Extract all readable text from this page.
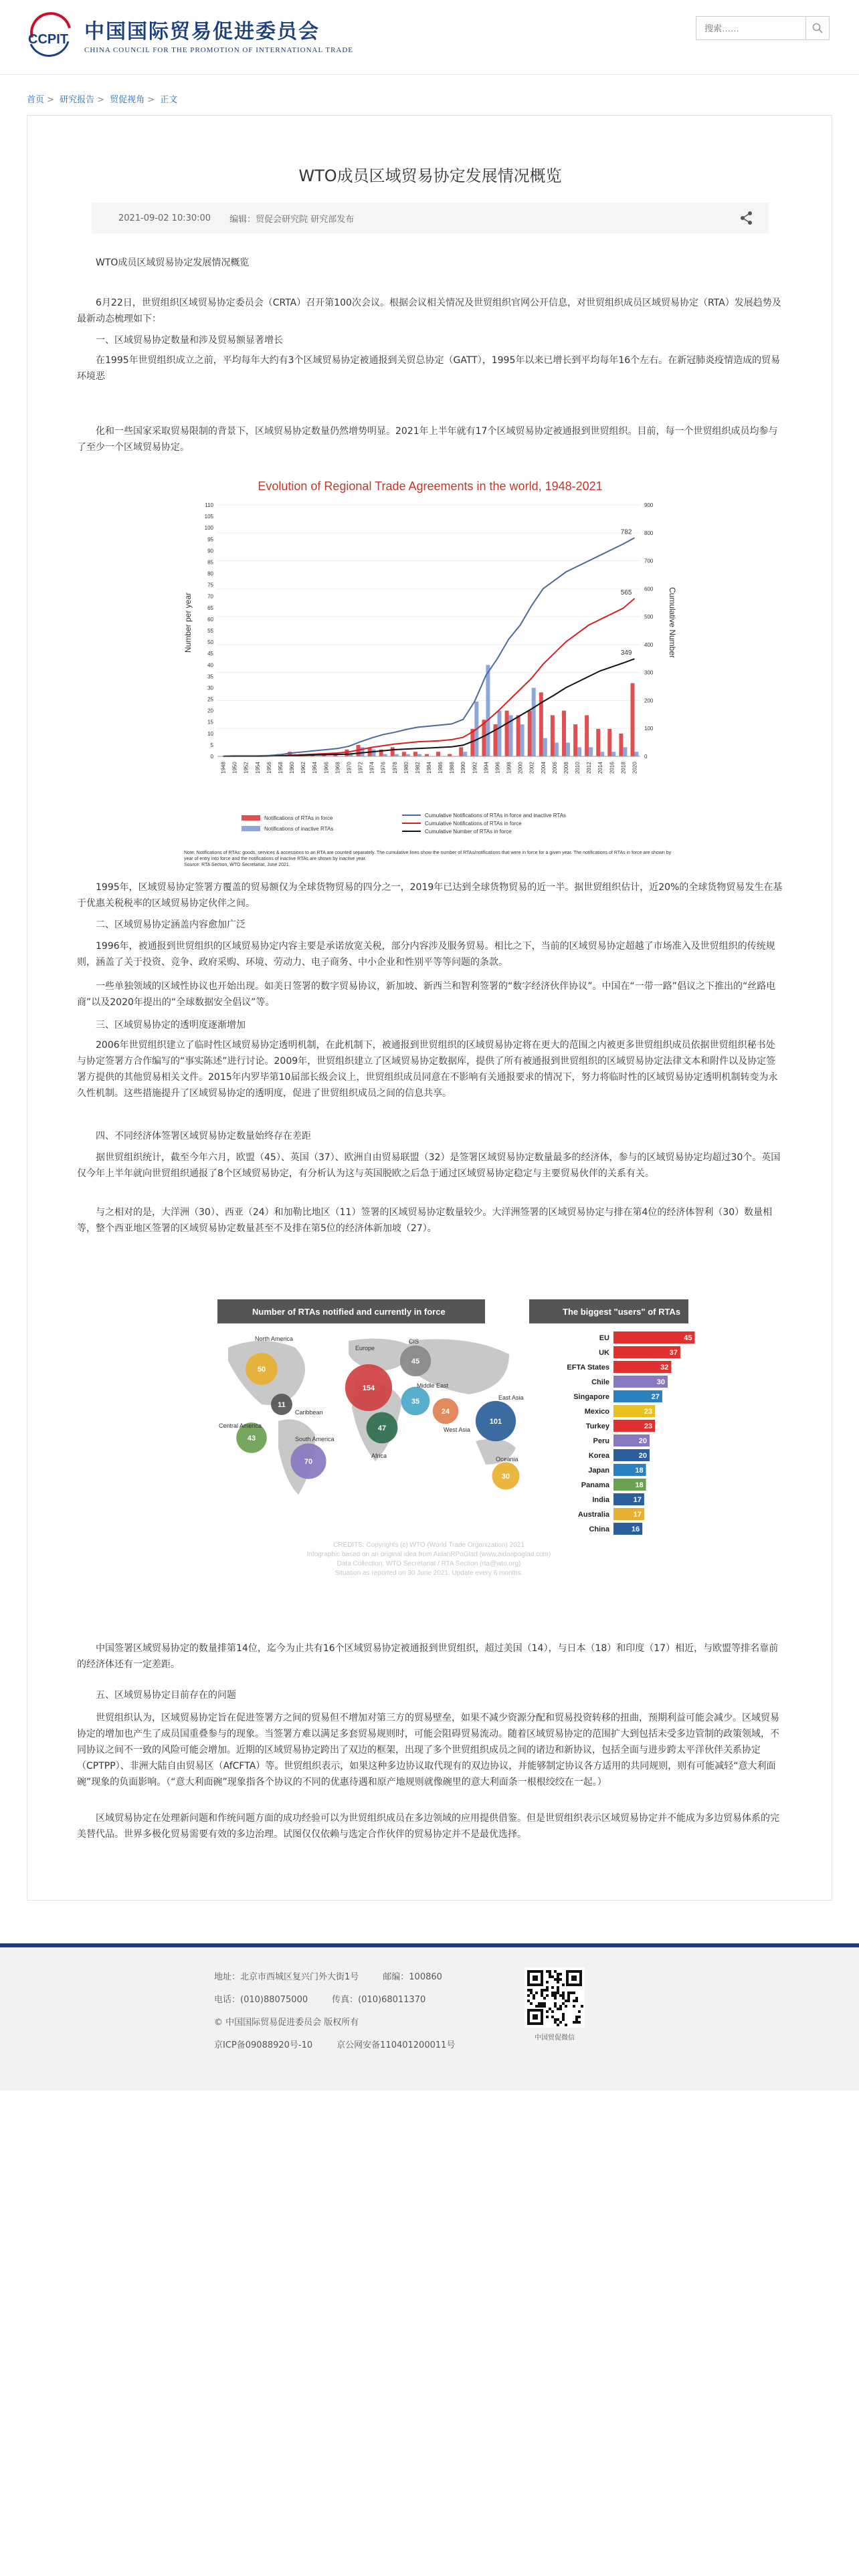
CCPIT 中国国际贸易促进委员会
CHINA COUNCIL FOR THE PROMOTION OF INTERNATIONAL TRADE
搜索……
首页 > 研究报告 > 贸促视角 > 正文
WTO成员区域贸易协定发展情况概览
2021-09-02 10:30:00 编辑：贸促会研究院 研究部发布
WTO成员区域贸易协定发展情况概览
6月22日，世贸组织区域贸易协定委员会（CRTA）召开第100次会议。根据会议相关情况及世贸组织官网公开信息，对世贸组织成员区域贸易协定（RTA）发展趋势及最新动态梳理如下：
一、区域贸易协定数量和涉及贸易额显著增长
在1995年世贸组织成立之前，平均每年大约有3个区域贸易协定被通报到关贸总协定（GATT），1995年以来已增长到平均每年16个左右。在新冠肺炎疫情造成的贸易环境恶
化和一些国家采取贸易限制的背景下，区域贸易协定数量仍然增势明显。2021年上半年就有17个区域贸易协定被通报到世贸组织。目前，每一个世贸组织成员均参与了至少一个区域贸易协定。
Evolution of Regional Trade Agreements in the world, 1948-2021
782
565
349
0
5
10
15
20
25
30
35
40
45
50
55
60
65
70
75
80
85
90
95
100
105
110
0
100
200
300
400
500
600
700
800
900
1948 1950 1952 1954 1956 1958 1960 1962 1964 1966 1968 1970 1972 1974 1976 1978 1980 1982 1984 1986 1988 1990 1992 1994 1996 1998 2000 2002 2004 2006 2008 2010 2012 2014 2016 2018 2020
Number per year	Cumulative Number
Notifications of RTAs in force
Notifications of inactive RTAs
Cumulative Notifications of RTAs in force and inactive RTAs
Cumulative Notifications of RTAs in force
Cumulative Number of RTAs in force
Note: Notifications of RTAs: goods, services & accessions to an RTA are counted separately. The cumulative lines show the number of RTAs/notifications that were in force for a given year. The notifications of RTAs in force are shown by year of entry into force and the notifications of inactive RTAs are shown by inactive year.
Source: RTA Section, WTO Secretariat, June 2021.
1995年，区域贸易协定签署方覆盖的贸易额仅为全球货物贸易的四分之一，2019年已达到全球货物贸易的近一半。据世贸组织估计，近20%的全球货物贸易发生在基于优惠关税税率的区域贸易协定伙伴之间。
二、区域贸易协定涵盖内容愈加广泛
1996年，被通报到世贸组织的区域贸易协定内容主要是承诺放宽关税，部分内容涉及服务贸易。相比之下，当前的区域贸易协定超越了市场准入及世贸组织的传统规则，涵盖了关于投资、竞争、政府采购、环境、劳动力、电子商务、中小企业和性别平等等问题的条款。
一些单独领域的区域性协议也开始出现。如美日签署的数字贸易协议，新加坡、新西兰和智利签署的“数字经济伙伴协议”。中国在“一带一路”倡议之下推出的“丝路电商”以及2020年提出的“全球数据安全倡议”等。
三、区域贸易协定的透明度逐渐增加
2006年世贸组织建立了临时性区域贸易协定透明机制，在此机制下，被通报到世贸组织的区域贸易协定将在更大的范围之内被更多世贸组织成员依据世贸组织秘书处与协定签署方合作编写的“事实陈述”进行讨论。2009年，世贸组织建立了区域贸易协定数据库，提供了所有被通报到世贸组织的区域贸易协定法律文本和附件以及协定签署方提供的其他贸易相关文件。2015年内罗毕第10届部长级会议上，世贸组织成员同意在不影响有关通报要求的情况下，努力将临时性的区域贸易协定透明机制转变为永久性机制。这些措施提升了区域贸易协定的透明度，促进了世贸组织成员之间的信息共享。
四、不同经济体签署区域贸易协定数量始终存在差距
据世贸组织统计，截至今年六月，欧盟（45）、英国（37）、欧洲自由贸易联盟（32）是签署区域贸易协定数量最多的经济体，参与的区域贸易协定均超过30个。英国仅今年上半年就向世贸组织通报了8个区域贸易协定，有分析认为这与英国脱欧之后急于通过区域贸易协定稳定与主要贸易伙伴的关系有关。
与之相对的是，大洋洲（30）、西亚（24）和加勒比地区（11）签署的区域贸易协定数量较少。大洋洲签署的区域贸易协定与排在第4位的经济体智利（30）数量相等，整个西亚地区签署的区域贸易协定数量甚至不及排在第5位的经济体新加坡（27）。
Number of RTAs notified and currently in force	The biggest "users" of RTAs
50
North America
154
Europe
45
CIS
11
Caribbean
43
Central America
70
South America
47
Africa
35
Middle East
24
West Asia
101
East Asia
30
Oceania
EU	45
UK	37
EFTA States	32
Chile	30
Singapore	27
Mexico	23
Turkey	23
Peru	20
Korea	20
Japan	18
Panama	18
India	17
Australia	17
China	16
CREDITS: Copyrights (c) WTO (World Trade Organization) 2021
Infographic based on an original idea from AidanRPoGlad (www.aidanpoglad.com)
Data Collection: WTO Secretariat / RTA Section (rta@wto.org)
Situation as reported on 30 June 2021. Update every 6 months.
中国签署区域贸易协定的数量排第14位，迄今为止共有16个区域贸易协定被通报到世贸组织，超过美国（14），与日本（18）和印度（17）相近，与欧盟等排名靠前的经济体还有一定差距。
五、区域贸易协定目前存在的问题
世贸组织认为，区域贸易协定旨在促进签署方之间的贸易但不增加对第三方的贸易壁垒，如果不减少资源分配和贸易投资转移的扭曲，预期利益可能会减少。区域贸易协定的增加也产生了成员国重叠参与的现象。当签署方难以满足多套贸易规则时，可能会阻碍贸易流动。随着区域贸易协定的范围扩大到包括未受多边管制的政策领域，不同协议之间不一致的风险可能会增加。近期的区域贸易协定跨出了双边的框架，出现了多个世贸组织成员之间的诸边和新协议，包括全面与进步跨太平洋伙伴关系协定（CPTPP）、非洲大陆自由贸易区（AfCFTA）等。世贸组织表示，如果这种多边协议取代现有的双边协议，并能够制定协议各方适用的共同规则，则有可能减轻“意大利面碗”现象的负面影响。（“意大利面碗”现象指各个协议的不同的优惠待遇和原产地规则就像碗里的意大利面条一根根绞绞在一起。）
区域贸易协定在处理新问题和作统问题方面的成功经验可以为世贸组织成员在多边领域的应用提供借鉴。但是世贸组织表示区域贸易协定并不能成为多边贸易体系的完美替代品。世界多极化贸易需要有效的多边治理。试图仅仅依赖与选定合作伙伴的贸易协定并不是最优选择。
地址：北京市西城区复兴门外大街1号	邮编：100860
电话：(010)88075000	传真：(010)68011370
© 中国国际贸易促进委员会 版权所有
京ICP备09088920号-10	京公网安备110401200011号
中国贸促微信
